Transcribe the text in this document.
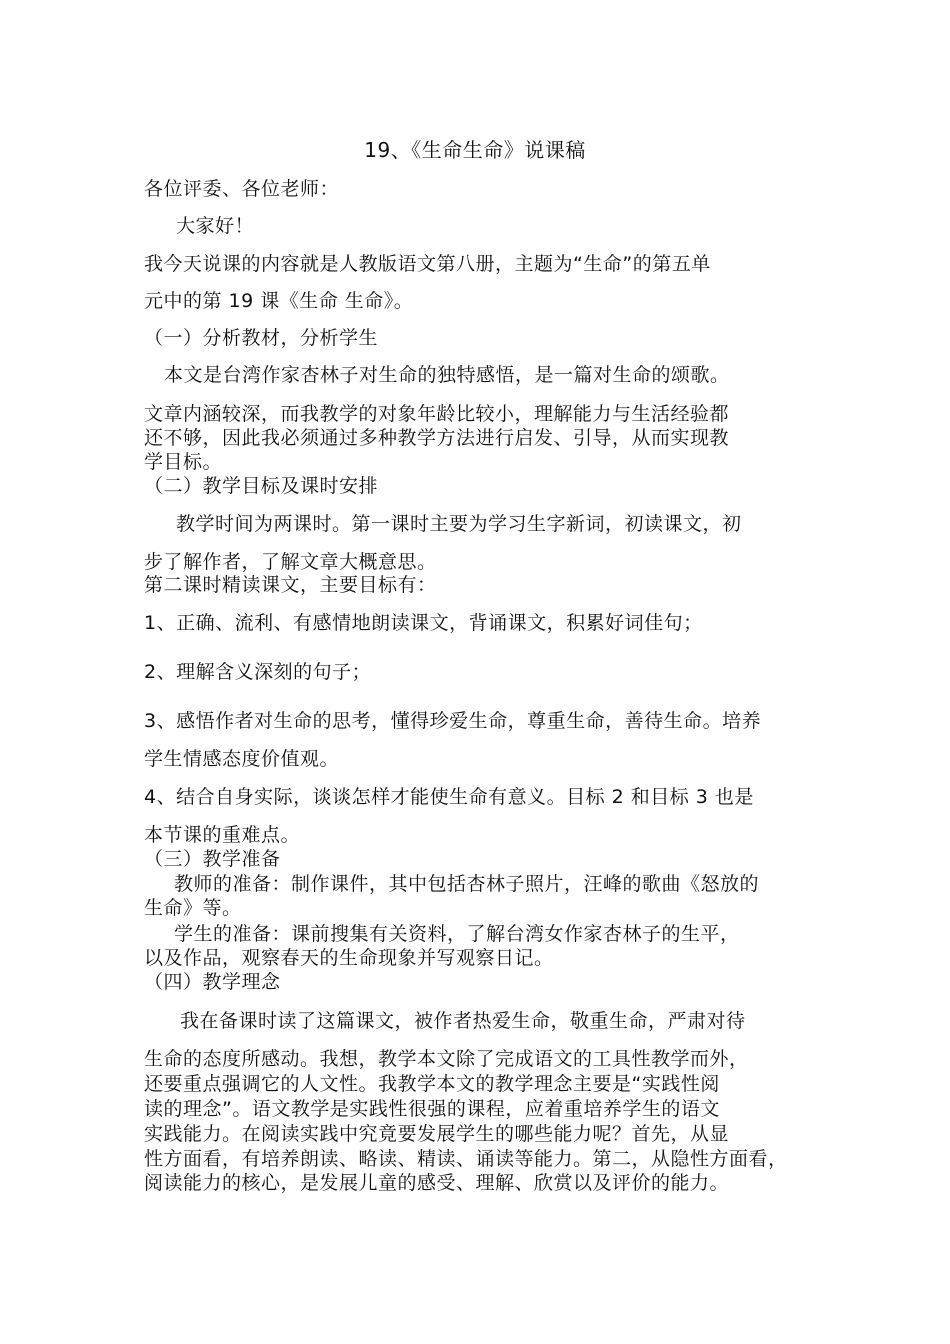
19、《生命生命》说课稿
各位评委、各位老师：
大家好！
我今天说课的内容就是人教版语文第八册，主题为“生命”的第五单
元中的第 19 课《生命 生命》。
（一）分析教材，分析学生
本文是台湾作家杏林子对生命的独特感悟，是一篇对生命的颂歌。
文章内涵较深，而我教学的对象年龄比较小，理解能力与生活经验都
还不够，因此我必须通过多种教学方法进行启发、引导，从而实现教
学目标。
（二）教学目标及课时安排
教学时间为两课时。第一课时主要为学习生字新词，初读课文，初
步了解作者，了解文章大概意思。
第二课时精读课文，主要目标有：
1、正确、流利、有感情地朗读课文，背诵课文，积累好词佳句；
2、理解含义深刻的句子；
3、感悟作者对生命的思考，懂得珍爱生命，尊重生命，善待生命。培养
学生情感态度价值观。
4、结合自身实际，谈谈怎样才能使生命有意义。目标 2 和目标 3 也是
本节课的重难点。
（三）教学准备
教师的准备：制作课件，其中包括杏林子照片，汪峰的歌曲《怒放的
生命》等。
学生的准备：课前搜集有关资料，了解台湾女作家杏林子的生平，
以及作品，观察春天的生命现象并写观察日记。
（四）教学理念
我在备课时读了这篇课文，被作者热爱生命，敬重生命，严肃对待
生命的态度所感动。我想，教学本文除了完成语文的工具性教学而外，
还要重点强调它的人文性。我教学本文的教学理念主要是“实践性阅
读的理念”。语文教学是实践性很强的课程，应着重培养学生的语文
实践能力。在阅读实践中究竟要发展学生的哪些能力呢？首先，从显
性方面看，有培养朗读、略读、精读、诵读等能力。第二，从隐性方面看，
阅读能力的核心，是发展儿童的感受、理解、欣赏以及评价的能力。
